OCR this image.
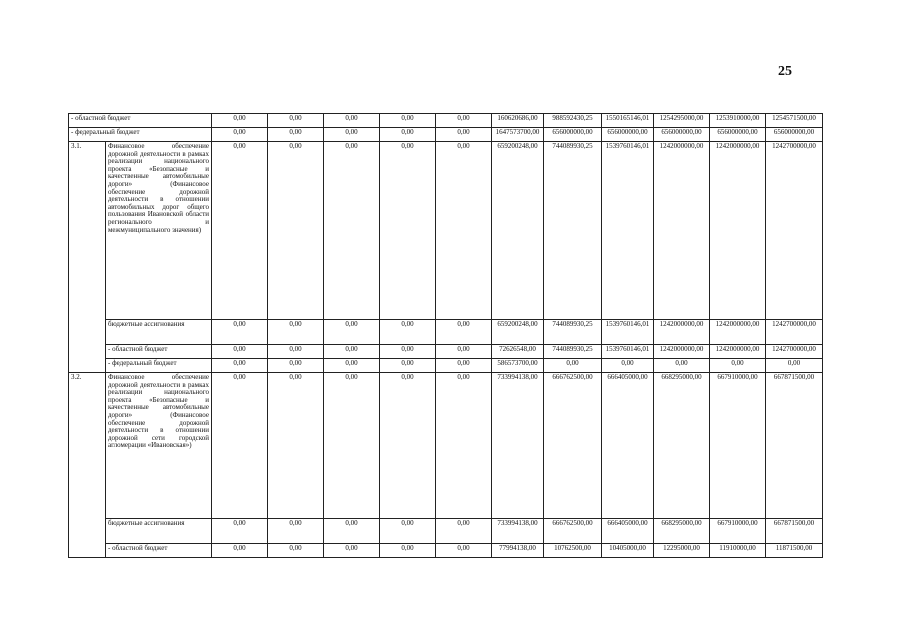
25
- областной бюджет		0,00	0,00	0,00	0,00	0,00	160620686,00	988592430,25	1550165146,01	1254295000,00	1253910000,00	1254571500,00
- федеральный бюджет		0,00	0,00	0,00	0,00	0,00	1647573700,00	656000000,00	656000000,00	656000000,00	656000000,00	656000000,00
3.1.	Финансовое обеспечение дорожной деятельности в рамках реализации национального проекта «Безопасные и качественные автомобильные дороги» (Финансовое обеспечение дорожной деятельности в отношении автомобильных дорог общего пользования Ивановской области регионального и межмуниципального значения)	0,00	0,00	0,00	0,00	0,00	659200248,00	744089930,25	1539760146,01	1242000000,00	1242000000,00	1242700000,00
	бюджетные ассигнования	0,00	0,00	0,00	0,00	0,00	659200248,00	744089930,25	1539760146,01	1242000000,00	1242000000,00	1242700000,00
	- областной бюджет	0,00	0,00	0,00	0,00	0,00	72626548,00	744089930,25	1539760146,01	1242000000,00	1242000000,00	1242700000,00
	- федеральный бюджет	0,00	0,00	0,00	0,00	0,00	586573700,00	0,00	0,00	0,00	0,00	0,00
3.2.	Финансовое обеспечение дорожной деятельности в рамках реализации национального проекта «Безопасные и качественные автомобильные дороги» (Финансовое обеспечение дорожной деятельности в отношении дорожной сети городской агломерации «Ивановская»)	0,00	0,00	0,00	0,00	0,00	733994138,00	666762500,00	666405000,00	668295000,00	667910000,00	667871500,00
	бюджетные ассигнования	0,00	0,00	0,00	0,00	0,00	733994138,00	666762500,00	666405000,00	668295000,00	667910000,00	667871500,00
	- областной бюджет	0,00	0,00	0,00	0,00	0,00	77994138,00	10762500,00	10405000,00	12295000,00	11910000,00	11871500,00
